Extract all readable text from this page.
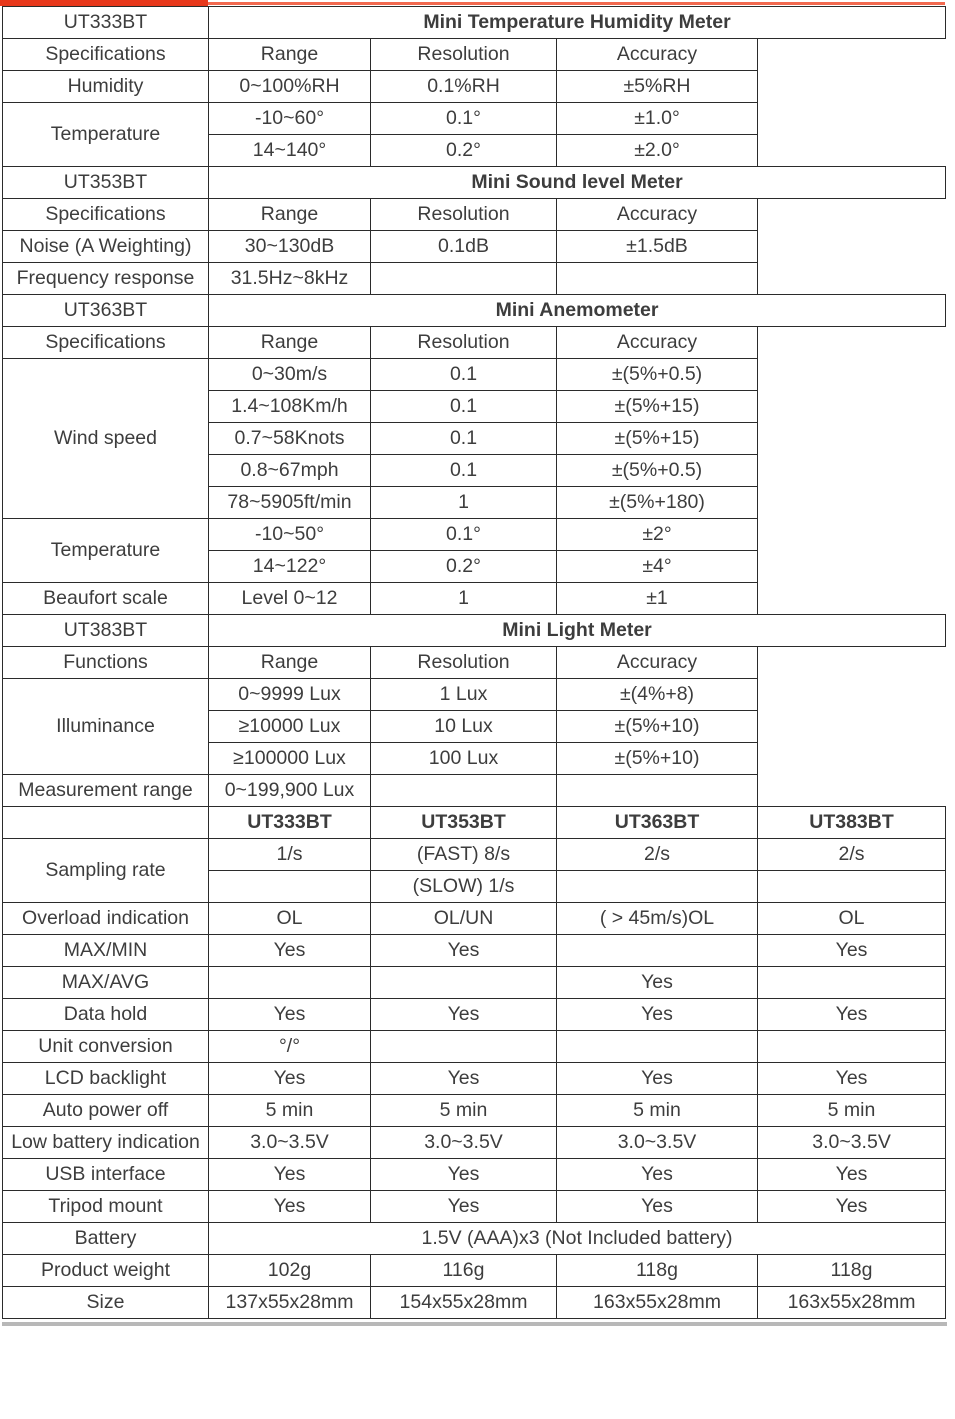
UT333BT	Mini Temperature Humidity Meter			
Specifications	Range	Resolution	Accuracy	
Humidity	0~100%RH	0.1%RH	±5%RH	
Temperature	-10~60°	0.1°	±1.0°	
	14~140°	0.2°	±2.0°	
UT353BT	Mini Sound level Meter			
Specifications	Range	Resolution	Accuracy	
Noise (A Weighting)	30~130dB	0.1dB	±1.5dB	
Frequency response	31.5Hz~8kHz			
UT363BT	Mini Anemometer			
Specifications	Range	Resolution	Accuracy	
Wind speed	0~30m/s	0.1	±(5%+0.5)	
	1.4~108Km/h	0.1	±(5%+15)	
	0.7~58Knots	0.1	±(5%+15)	
	0.8~67mph	0.1	±(5%+0.5)	
	78~5905ft/min	1	±(5%+180)	
Temperature	-10~50°	0.1°	±2°	
	14~122°	0.2°	±4°	
Beaufort scale	Level 0~12	1	±1	
UT383BT	Mini Light Meter			
Functions	Range	Resolution	Accuracy	
Illuminance	0~9999 Lux	1 Lux	±(4%+8)	
	≥10000 Lux	10 Lux	±(5%+10)	
	≥100000 Lux	100 Lux	±(5%+10)	
Measurement range	0~199,900 Lux			
	UT333BT	UT353BT	UT363BT	UT383BT
Sampling rate	1/s	(FAST) 8/s	2/s	2/s
		(SLOW) 1/s		
Overload indication	OL	OL/UN	( > 45m/s)OL	OL
MAX/MIN	Yes	Yes		Yes
MAX/AVG			Yes	
Data hold	Yes	Yes	Yes	Yes
Unit conversion	°/°			
LCD backlight	Yes	Yes	Yes	Yes
Auto power off	5 min	5 min	5 min	5 min
Low battery indication	3.0~3.5V	3.0~3.5V	3.0~3.5V	3.0~3.5V
USB interface	Yes	Yes	Yes	Yes
Tripod mount	Yes	Yes	Yes	Yes
Battery	1.5V (AAA)x3 (Not Included battery)			
Product weight	102g	116g	118g	118g
Size	137x55x28mm	154x55x28mm	163x55x28mm	163x55x28mm
